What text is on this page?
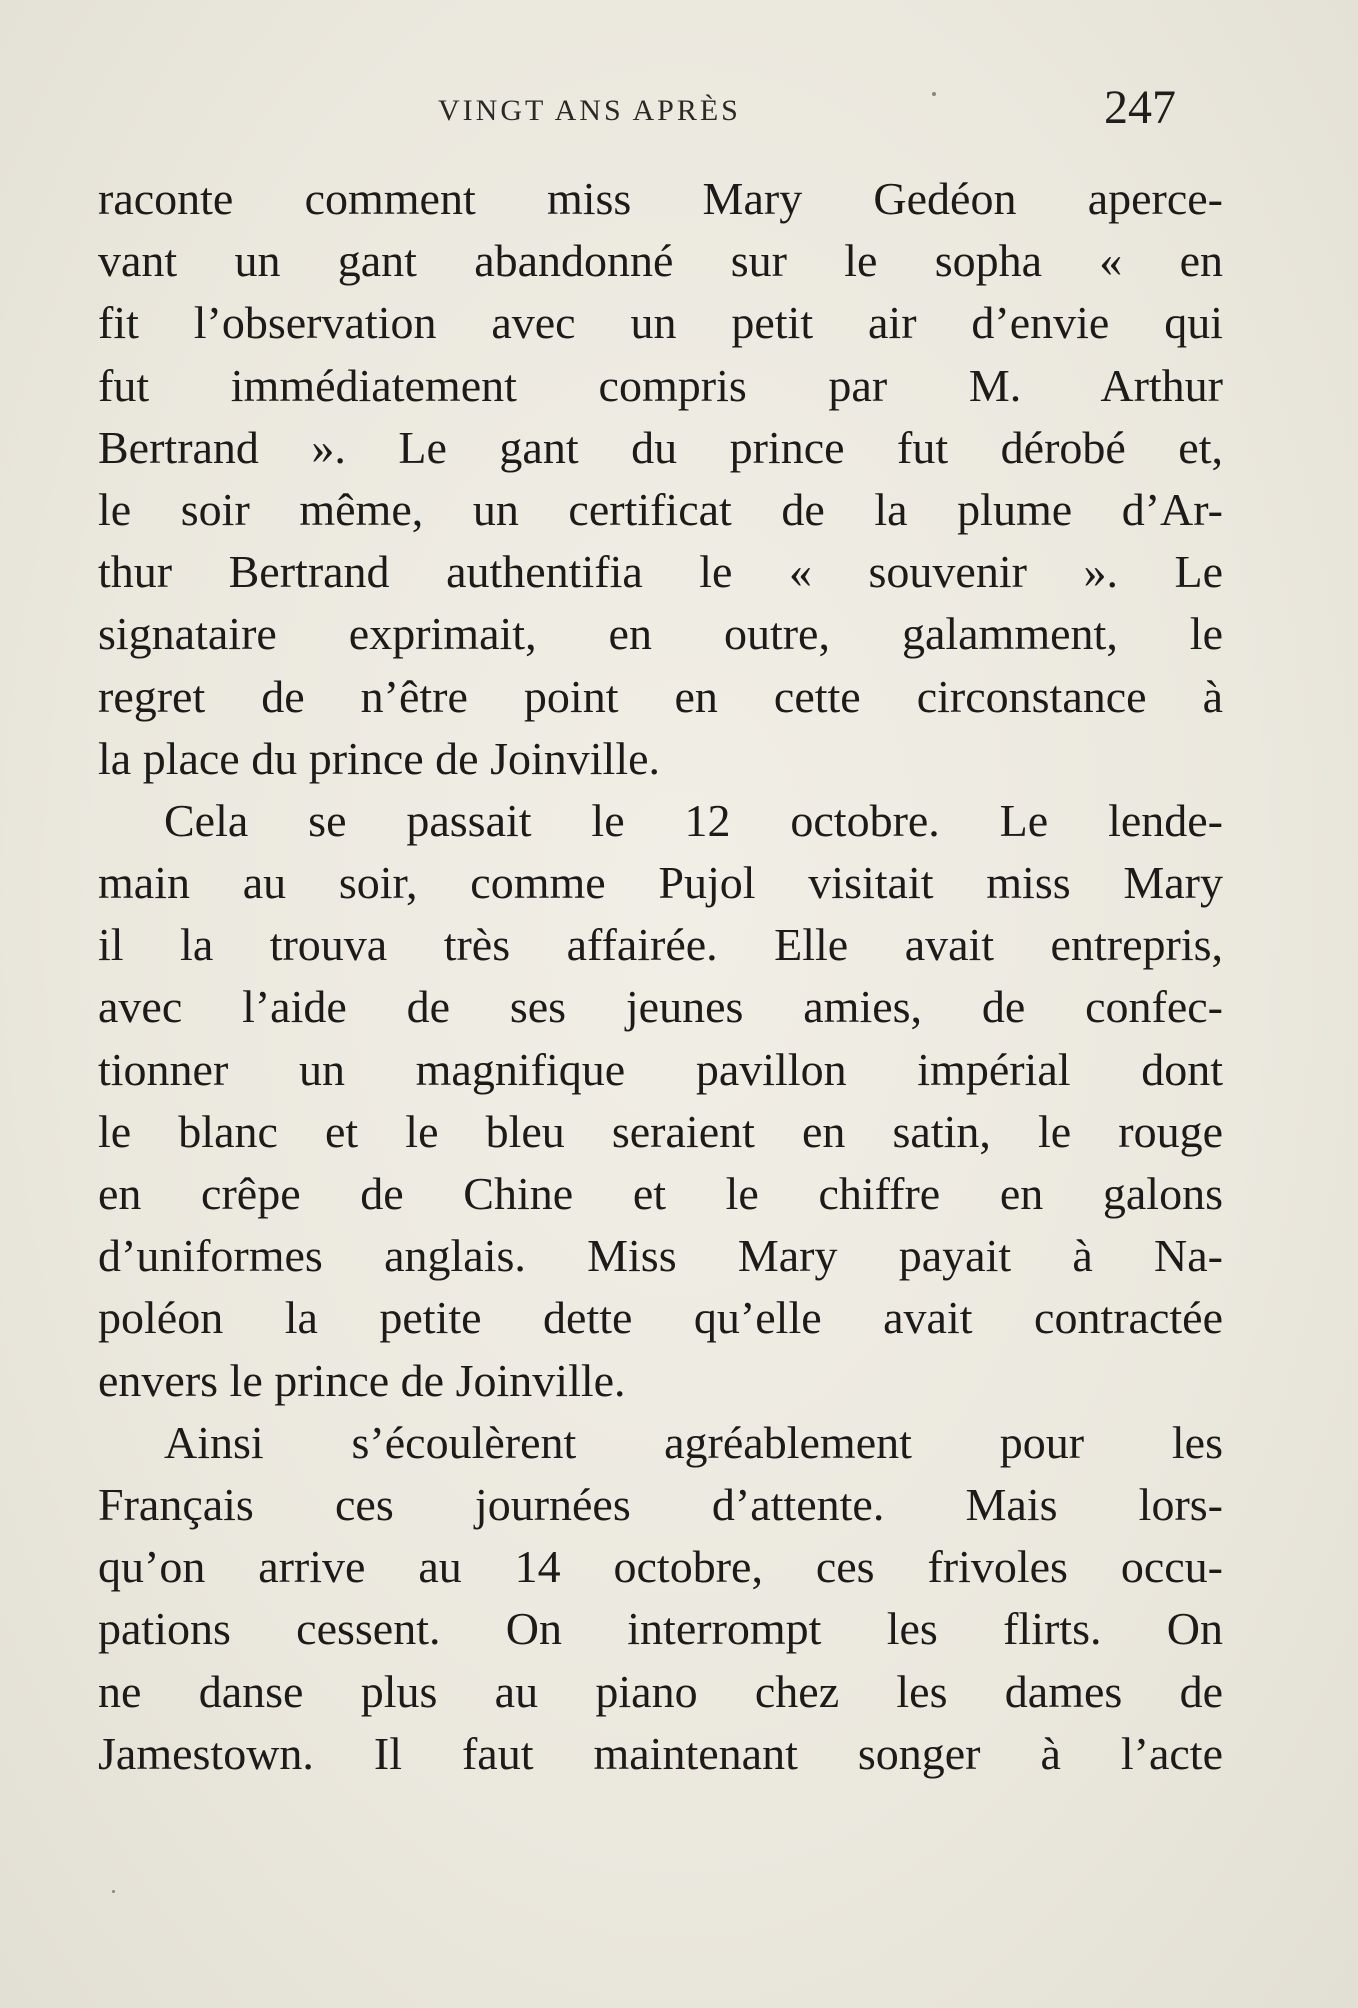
VINGT ANS APRÈS	247
raconte comment miss Mary Gedéon aperce-
vant un gant abandonné sur le sopha « en
fit l’observation avec un petit air d’envie qui
fut immédiatement compris par M. Arthur
Bertrand ». Le gant du prince fut dérobé et,
le soir même, un certificat de la plume d’Ar-
thur Bertrand authentifia le « souvenir ». Le
signataire exprimait, en outre, galamment, le
regret de n’être point en cette circonstance à
la place du prince de Joinville.
Cela se passait le 12 octobre. Le lende-
main au soir, comme Pujol visitait miss Mary
il la trouva très affairée. Elle avait entrepris,
avec l’aide de ses jeunes amies, de confec-
tionner un magnifique pavillon impérial dont
le blanc et le bleu seraient en satin, le rouge
en crêpe de Chine et le chiffre en galons
d’uniformes anglais. Miss Mary payait à Na-
poléon la petite dette qu’elle avait contractée
envers le prince de Joinville.
Ainsi s’écoulèrent agréablement pour les
Français ces journées d’attente. Mais lors-
qu’on arrive au 14 octobre, ces frivoles occu-
pations cessent. On interrompt les flirts. On
ne danse plus au piano chez les dames de
Jamestown. Il faut maintenant songer à l’acte
